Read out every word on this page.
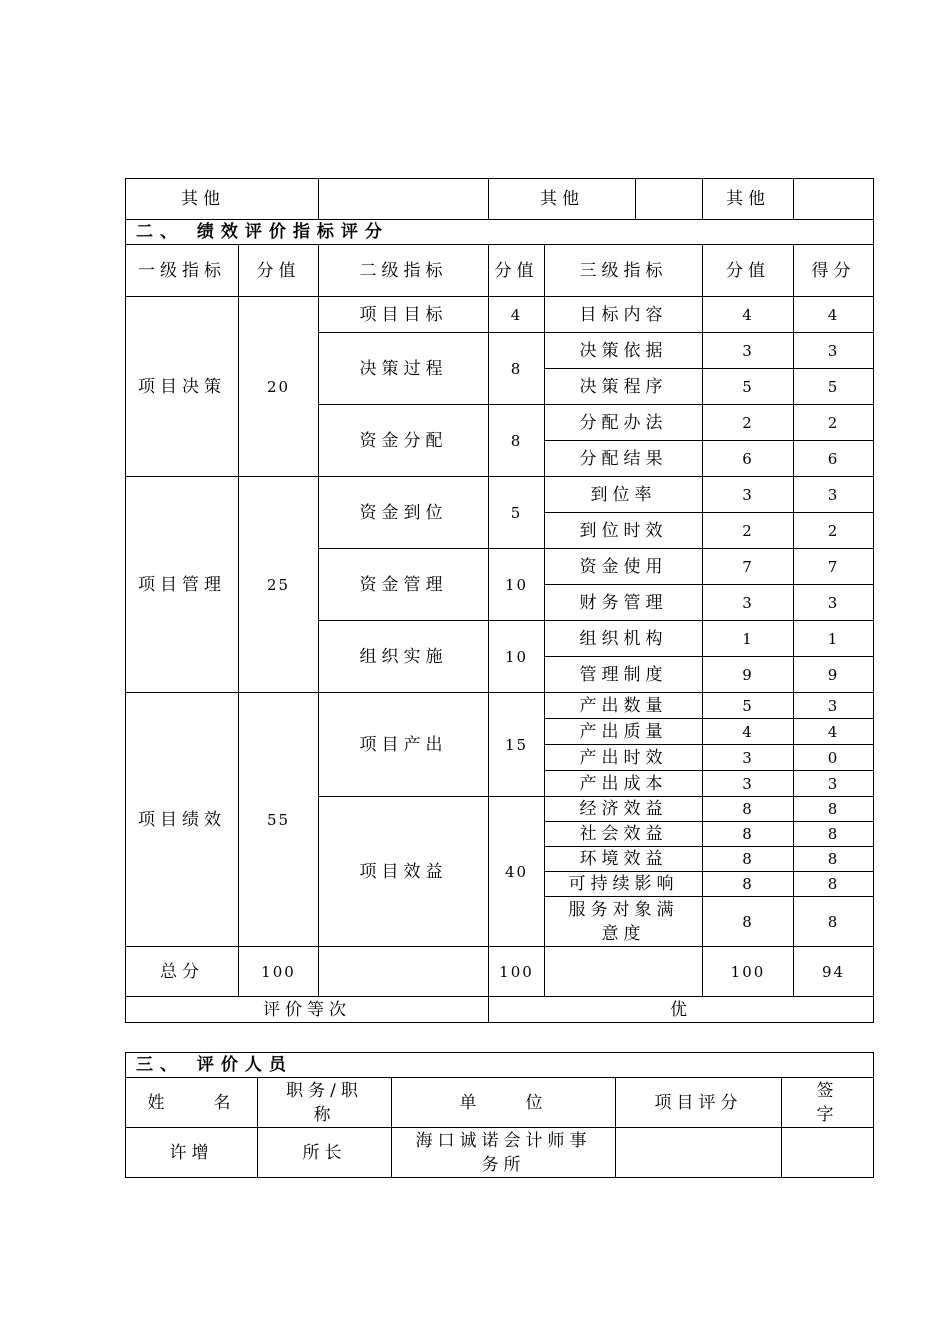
其他			其他			其他	
二、 绩效评价指标评分							
一级指标	分值	二级指标	分值	三级指标		分值	得分
项目决策	20	项目目标	4	目标内容		4	4
		决策过程	8	决策依据		3	3
				决策程序		5	5
		资金分配	8	分配办法		2	2
				分配结果		6	6
项目管理	25	资金到位	5	到位率		3	3
				到位时效		2	2
		资金管理	10	资金使用		7	7
				财务管理		3	3
		组织实施	10	组织机构		1	1
				管理制度		9	9
项目绩效	55	项目产出	15	产出数量		5	3
				产出质量		4	4
				产出时效		3	0
				产出成本		3	3
		项目效益	40	经济效益		8	8
				社会效益		8	8
				环境效益		8	8
				可持续影响		8	8
				服务对象满意度		8	8
总分	100		100			100	94
评价等次			优				
三、 评价人员				
姓　　名	职务/职称	单　　位	项目评分	签字
许增	所长	海口诚诺会计师事务所		
